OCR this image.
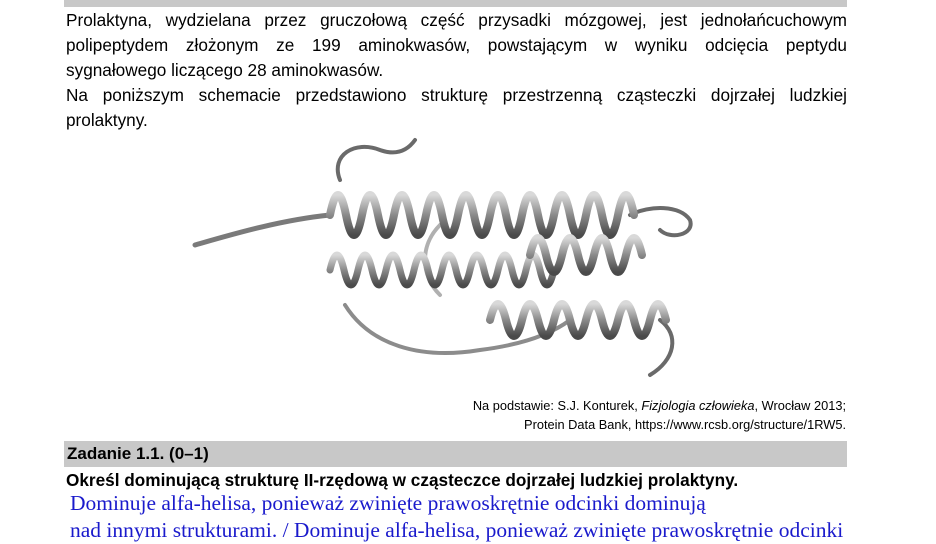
Prolaktyna, wydzielana przez gruczołową część przysadki mózgowej, jest jednołańcuchowym

polipeptydem złożonym ze 199 aminokwasów, powstającym w wyniku odcięcia peptydu

sygnałowego liczącego 28 aminokwasów.

Na poniższym schemacie przedstawiono strukturę przestrzenną cząsteczki dojrzałej ludzkiej

prolaktyny.

Na podstawie: S.J. Konturek, Fizjologia człowieka, Wrocław 2013;
Protein Data Bank, https://www.rcsb.org/structure/1RW5.
Zadanie 1.1. (0–1)
Określ dominującą strukturę II-rzędową w cząsteczce dojrzałej ludzkiej prolaktyny.
Dominuje alfa-helisa, ponieważ zwinięte prawoskrętnie odcinki dominują
nad innymi strukturami. / Dominuje alfa-helisa, ponieważ zwinięte prawoskrętnie odcinki
